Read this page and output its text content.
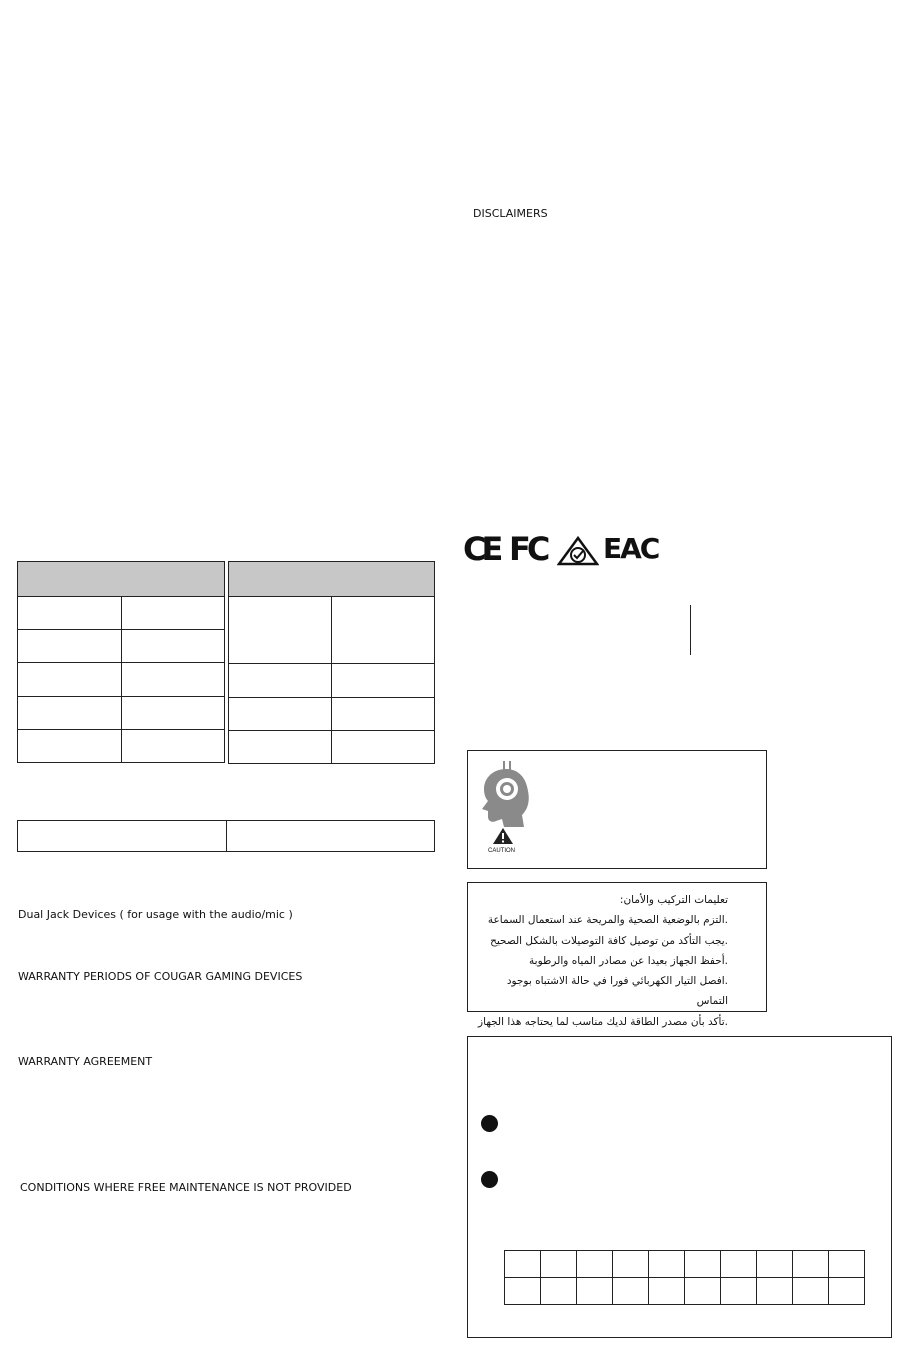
Dual Jack Devices ( for usage with the audio/mic )
WARRANTY PERIODS OF COUGAR GAMING DEVICES
WARRANTY AGREEMENT
CONDITIONS WHERE FREE MAINTENANCE IS NOT PROVIDED
DISCLAIMERS
CE FC EAC
CAUTION
تعليمات التركيب والأمان:
.التزم بالوضعية الصحية والمريحة عند استعمال السماعة
.يجب التأكد من توصيل كافة التوصيلات بالشكل الصحيح
.أحفظ الجهاز بعيدا عن مصادر المياه والرطوبة
.افصل التيار الكهربائي فورا في حالة الاشتباه بوجود التماس
.تأكد بأن مصدر الطاقة لديك مناسب لما يحتاجه هذا الجهاز
